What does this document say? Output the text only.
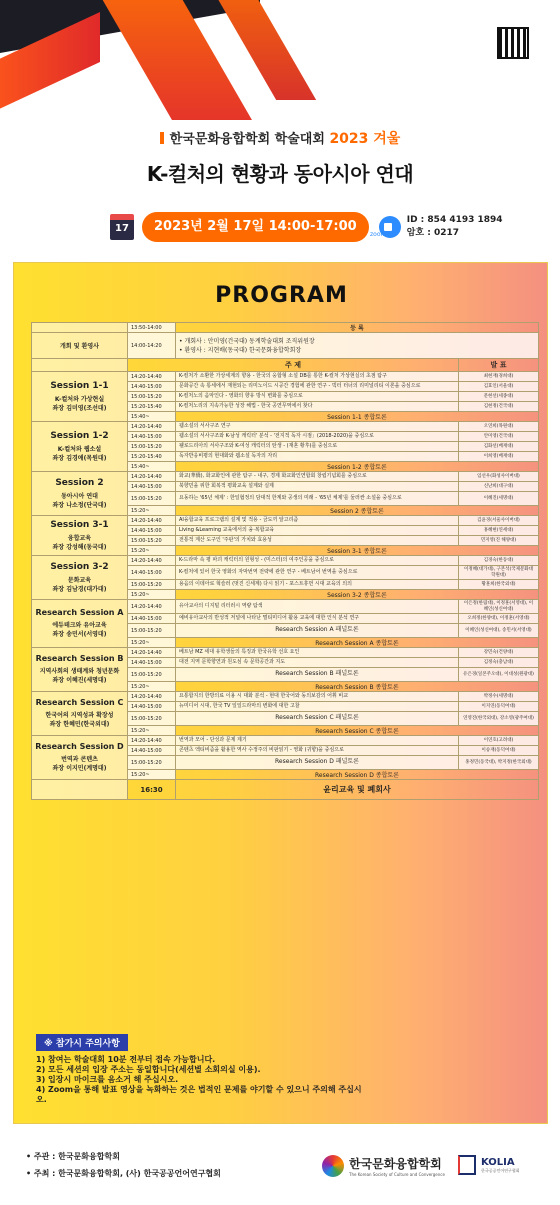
한국문화융합학회 학술대회 2023 겨울
K-컬처의 현황과 동아시아 연대
17	2023년 2월 17일 14:00-17:00	ID : 854 4193 1894
암호 : 0217
zoom
PROGRAM
	13:50-14:00	등 록	
개회 및 환영사	14:00-14:20	• 개회사 : 안미영(건국대) 동계학술대회 조직위원장
• 환영사 : 지현배(동국대) 한국문화융합학회장	

	주 제		발 표

Session 1-1
K-컬처와 가상현실
좌장 김미영(조선대)	14:20-14:40	K-컬처가 소환한 가상세계의 향용 - 한국의 웅합형 소설 DB를 통한 K-컬처 가상현실의 초점 탐구	최현재(경희대)
	14:40-15:00	문화공간 속 통세에서 재현되는 리미노이드 시공간 경험에 관한 연구 - 빅터 터너의 리미널리티 이론을 중심으로	김효인(서울대)
	15:00-15:20	K-컬처노의 음악인다 - 영화의 향유 방식 변화를 중심으로	문현선(세종대)
	15:20-15:40	K-컬처노리의 지속가능한 성장 해법 - 한국 공연무역에서 찾다	김현정(건국대)
	15:40~	Session 1-1 종합토론	

Session 1-2
K-컬처와 웹소설
좌장 김경애(목원대)	14:20-14:40	웹소설의 서사구조 연구	오연희(목원대)
	14:40-15:00	웹소설의 서사구조와 K-남성 캐릭터' 분석 - '전지적 독자 시점」(2018-2020)을 중심으로	안미영(건국대)
	15:00-15:20	웰로드리아의 서사구조와 K-여성 캐릭터의 탄생 - (재혼 황후)를 중심으로	김화선(배재대)
	15:20-15:40	독자반응비평의 현대화와 웹소설 독자의 자리	이희영(배재대)
	15:40~	Session 1-2 종합토론	

Session 2
동아시아 연대
좌장 나소정(단국대)	14:20-14:40	화교(華僑), 화교화인에 관한 탐구 - 내구, 경제 화교화인연합회 창립기념회를 중심으로	임선우(화성사이버대)
	14:40-15:00	북향민을 위한 회복적 평화교육 설계와 실제	신난희(대구대)
	15:00-15:20	요동하는 '65년 체제' : 한일협정의 담대적 한계와 공생의 미래 - '65년 체제'를 둘러싼 소설을 중심으로	이혜진(세명대)
	15:20~	Session 2 종합토론	

Session 3-1
융합교육
좌장 강성해(동국대)	14:20-14:40	AI융합교육 프로그램의 설계 및 적용 - 금도끼 알고리즘	김윤경(서울사이버대)
	14:40-15:00	Living &Learning 교육에서의 융·복합교육	홍혜현(연세대)
	15:00-15:20	전통적 계산 도구인 '주판'의 가치와 효용성	민지영(진 해양대)
	15:20~	Session 3-1 종합토론	

Session 3-2
문화교육
좌장 김남경(대가대)	14:20-14:40	K-드라마 속 평 파괴 캐릭터의 원형성 - (미스터)의 여주인공을 중심으로	김경숙(한동대)
	14:40-15:00	K-컬처에 있어 한국 영화의 자막번역 전략에 관한 연구 - 베트남어 번역을 중심으로	이정혜(대가대), 구본석(국제문화대학원대)
	15:00-15:20	용음의 이데아로 혁슬러 (멋진 신세계) 다시 읽기 - 포스트휴먼 시대 교육의 의의	황훈희(한국외대)
	15:20~	Session 3-2 종합토론	

Research Session A
에듀테크와 유아교육
좌장 송민서(서영대)	14:20-14:40	유아교사의 디지털 리터러시 역량 탐색	이은정(한림대), 이정훈(서영대), 이혜인(성신여대)
	14:40-15:00	예비유아교사의 반성적 저널에 나타난 멀티미디어 활용 교육에 대한 인식 분석 연구	오희정(한양대), 이정훈(서영대)
	15:00-15:20	Research Session A 패널토론	이혜인(성신여대), 송민서(서영대)
	15:20~	Research Session A 종합토론	

Research Session B
지역사회의 생태계와 청년문화
좌장 이혜진(세명대)	14:20-14:40	베트남 MZ 세대 유학생들의 특징과 한국유학 선호 요인	강민숙(건양대)
	14:40-15:00	대전 지역 문학향연과 원도심 속 문학공간과 지도	김정숙(충남대)
	15:00-15:20	Research Session B 패널토론	유은경(일본주오대), 이대성(원광대)
	15:20~	Research Session B 종합토론	

Research Session C
한국어의 지역성과 확장성
좌장 한혜민(한국외대)	14:20-14:40	요통합지의 한방의료 이용 시 대화 분석 - 현대 한국어와 동의보감의 어휘 비교	박정수(세명대)
	14:40-15:00	뉴미디어 시대, 한국 TV 일일드라마의 변화에 대한 고찰	이지연(동덕여대)
	15:00-15:20	Research Session C 패널토론	연영진(한국외대), 강소영(광주여대)
	15:20~	Research Session C 종합토론	

Research Session D
번역과 콘텐츠
좌장 이지민(계명대)	14:20-14:40	번역과 모어 - 단성과 문제 제기	이연호(고려대)
	14:40-15:00	콘텐츠 엑티비즘을 활용한 역사 수정주의 비판읽기 - 영화 (귀향)을 중심으로	이승재(동덕여대)
	15:00-15:20	Research Session D 패널토론	홍정민(동국대), 박지정(한국외대)
	15:20~	Research Session D 종합토론	
	16:30	윤리교육 및 폐회사	
※ 참가시 주의사항
1) 참여는 학술대회 10분 전부터 접속 가능합니다.
2) 모든 세션의 입장 주소는 동일합니다(세션별 소회의실 이용).
3) 입장시 마이크를 음소거 해 주십시오.
4) Zoom을 통해 발표 영상을 녹화하는 것은 법적인 문제를 야기할 수 있으니 주의해 주십시오.
• 주관 : 한국문화융합학회
• 주최 : 한국문화융합학회, (사) 한국공공언어연구협회
한국문화융합학회
The Korean Society of Culture and Convergence
KOLIA
한국공공언어연구협회
